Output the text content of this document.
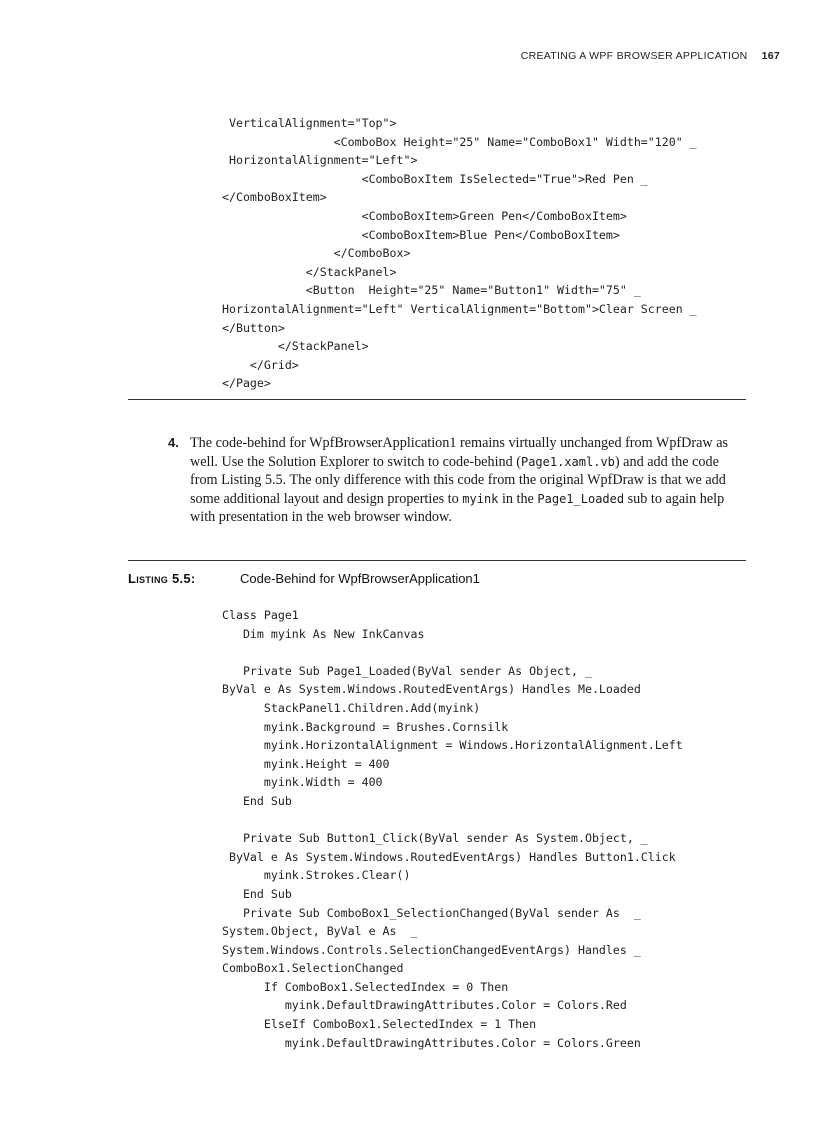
CREATING A WPF BROWSER APPLICATION 167
VerticalAlignment="Top">
<ComboBox Height="25" Name="ComboBox1" Width="120" _
HorizontalAlignment="Left">
<ComboBoxItem IsSelected="True">Red Pen _
</ComboBoxItem>
<ComboBoxItem>Green Pen</ComboBoxItem>
<ComboBoxItem>Blue Pen</ComboBoxItem>
</ComboBox>
</StackPanel>
<Button  Height="25" Name="Button1" Width="75" _
HorizontalAlignment="Left" VerticalAlignment="Bottom">Clear Screen _
</Button>
</StackPanel>
</Grid>
</Page>
4. The code-behind for WpfBrowserApplication1 remains virtually unchanged from WpfDraw as well. Use the Solution Explorer to switch to code-behind (Page1.xaml.vb) and add the code from Listing 5.5. The only difference with this code from the original WpfDraw is that we add some additional layout and design properties to myink in the Page1_Loaded sub to again help with presentation in the web browser window.
Listing 5.5:	Code-Behind for WpfBrowserApplication1
Class Page1
Dim myink As New InkCanvas
Private Sub Page1_Loaded(ByVal sender As Object, _
ByVal e As System.Windows.RoutedEventArgs) Handles Me.Loaded
StackPanel1.Children.Add(myink)
myink.Background = Brushes.Cornsilk
myink.HorizontalAlignment = Windows.HorizontalAlignment.Left
myink.Height = 400
myink.Width = 400
End Sub
Private Sub Button1_Click(ByVal sender As System.Object, _
ByVal e As System.Windows.RoutedEventArgs) Handles Button1.Click
myink.Strokes.Clear()
End Sub
Private Sub ComboBox1_SelectionChanged(ByVal sender As  _
System.Object, ByVal e As  _
System.Windows.Controls.SelectionChangedEventArgs) Handles _
ComboBox1.SelectionChanged
If ComboBox1.SelectedIndex = 0 Then
myink.DefaultDrawingAttributes.Color = Colors.Red
ElseIf ComboBox1.SelectedIndex = 1 Then
myink.DefaultDrawingAttributes.Color = Colors.Green
